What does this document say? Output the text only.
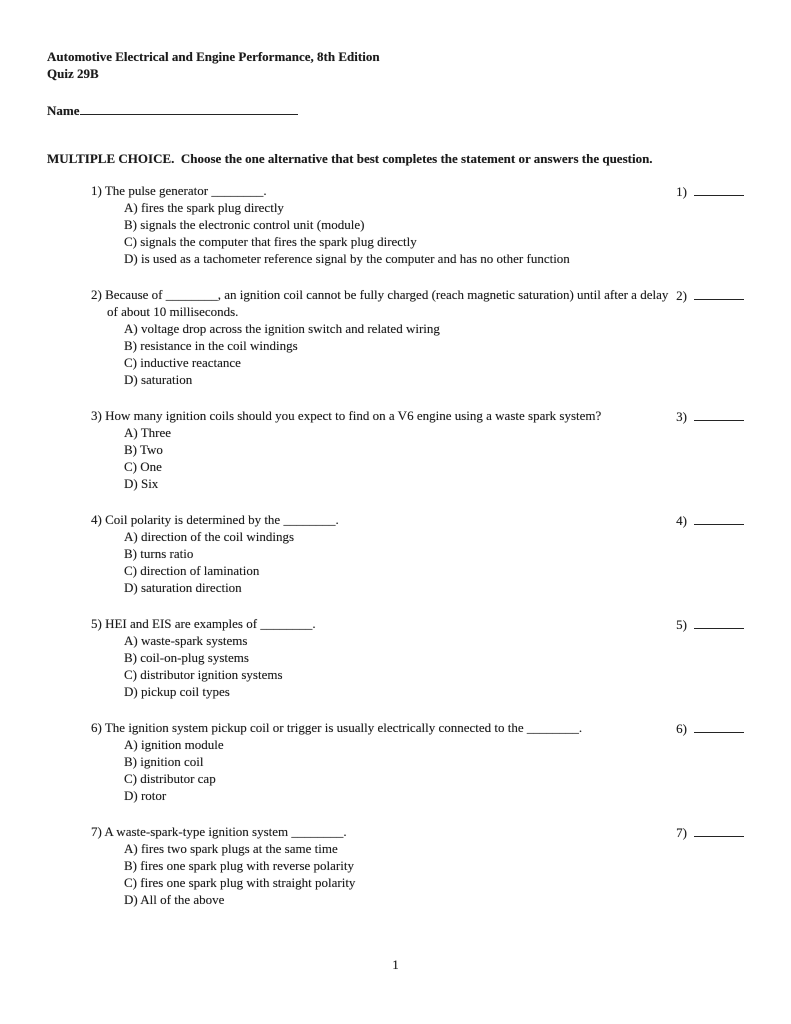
Automotive Electrical and Engine Performance, 8th Edition
Quiz 29B
Name
MULTIPLE CHOICE.  Choose the one alternative that best completes the statement or answers the question.
1) The pulse generator ________.
A) fires the spark plug directly
B) signals the electronic control unit (module)
C) signals the computer that fires the spark plug directly
D) is used as a tachometer reference signal by the computer and has no other function
1)
2) Because of ________, an ignition coil cannot be fully charged (reach magnetic saturation) until after a delay of about 10 milliseconds.
A) voltage drop across the ignition switch and related wiring
B) resistance in the coil windings
C) inductive reactance
D) saturation
2)
3) How many ignition coils should you expect to find on a V6 engine using a waste spark system?
A) Three
B) Two
C) One
D) Six
3)
4) Coil polarity is determined by the ________.
A) direction of the coil windings
B) turns ratio
C) direction of lamination
D) saturation direction
4)
5) HEI and EIS are examples of ________.
A) waste-spark systems
B) coil-on-plug systems
C) distributor ignition systems
D) pickup coil types
5)
6) The ignition system pickup coil or trigger is usually electrically connected to the ________.
A) ignition module
B) ignition coil
C) distributor cap
D) rotor
6)
7) A waste-spark-type ignition system ________.
A) fires two spark plugs at the same time
B) fires one spark plug with reverse polarity
C) fires one spark plug with straight polarity
D) All of the above
7)
1
